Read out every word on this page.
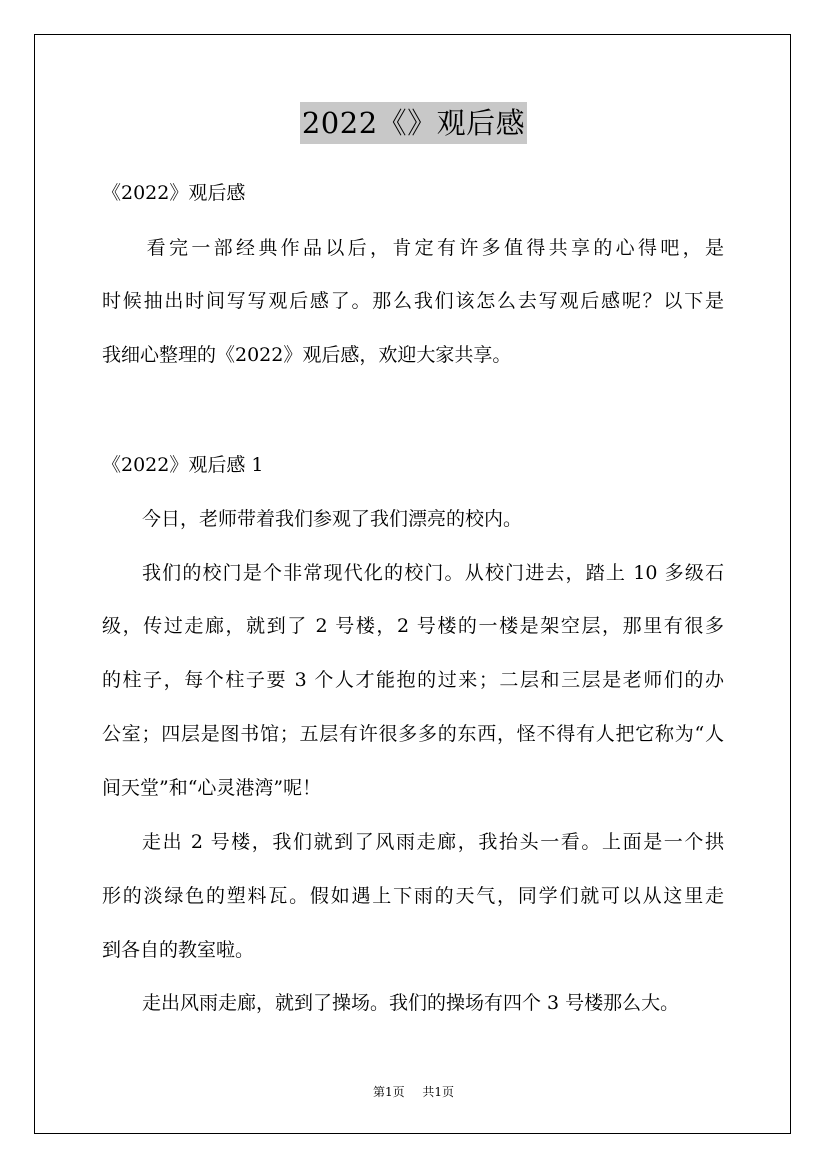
2022《》观后感
《2022》观后感
　　看完一部经典作品以后，肯定有许多值得共享的心得吧，是
时候抽出时间写写观后感了。那么我们该怎么去写观后感呢？以下是
我细心整理的《2022》观后感，欢迎大家共享。
《2022》观后感 1
今日，老师带着我们参观了我们漂亮的校内。
我们的校门是个非常现代化的校门。从校门进去，踏上 10 多级石
级，传过走廊，就到了 2 号楼，2 号楼的一楼是架空层，那里有很多
的柱子，每个柱子要 3 个人才能抱的过来；二层和三层是老师们的办
公室；四层是图书馆；五层有许很多多的东西，怪不得有人把它称为“人
间天堂”和“心灵港湾”呢！
走出 2 号楼，我们就到了风雨走廊，我抬头一看。上面是一个拱
形的淡绿色的塑料瓦。假如遇上下雨的天气，同学们就可以从这里走
到各自的教室啦。
走出风雨走廊，就到了操场。我们的操场有四个 3 号楼那么大。
第1页 共1页
